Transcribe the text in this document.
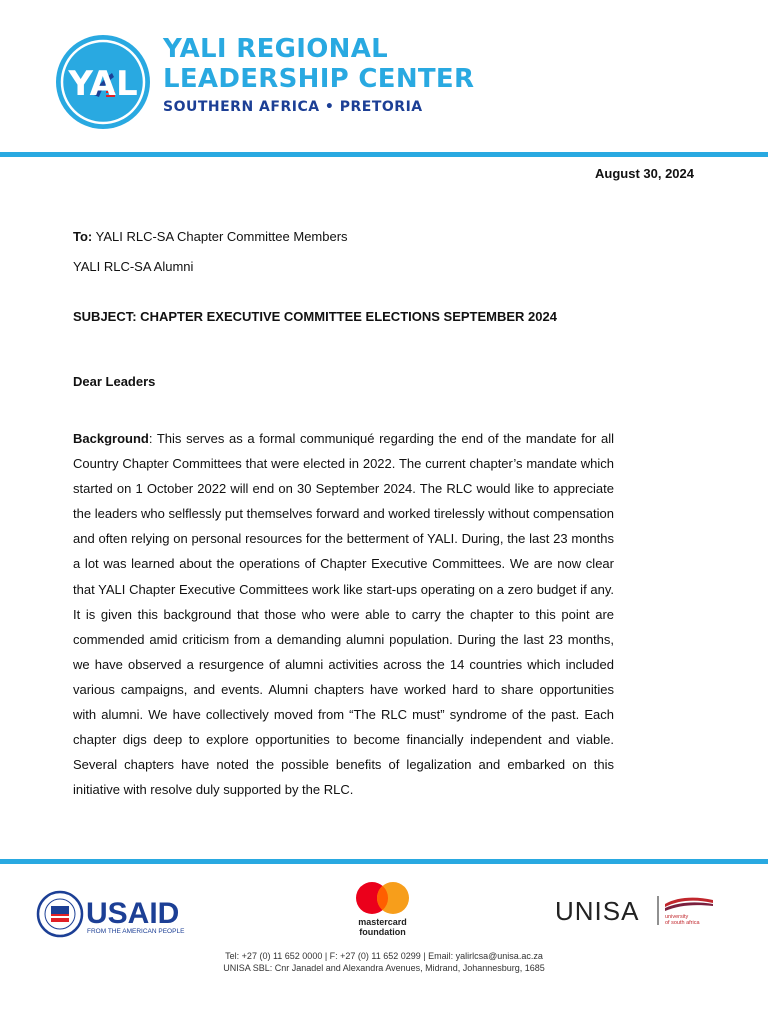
YAL
YALI REGIONAL
LEADERSHIP CENTER
SOUTHERN AFRICA • PRETORIA
August 30, 2024
To: YALI RLC-SA Chapter Committee Members
YALI RLC-SA Alumni
SUBJECT: CHAPTER EXECUTIVE COMMITTEE ELECTIONS SEPTEMBER 2024
Dear Leaders
Background: This serves as a formal communiqué regarding the end of the mandate for all Country Chapter Committees that were elected in 2022. The current chapter’s mandate which started on 1 October 2022 will end on 30 September 2024. The RLC would like to appreciate the leaders who selflessly put themselves forward and worked tirelessly without compensation and often relying on personal resources for the betterment of YALI. During, the last 23 months a lot was learned about the operations of Chapter Executive Committees. We are now clear that YALI Chapter Executive Committees work like start-ups operating on a zero budget if any. It is given this background that those who were able to carry the chapter to this point are commended amid criticism from a demanding alumni population. During the last 23 months, we have observed a resurgence of alumni activities across the 14 countries which included various campaigns, and events. Alumni chapters have worked hard to share opportunities with alumni. We have collectively moved from “The RLC must” syndrome of the past. Each chapter digs deep to explore opportunities to become financially independent and viable. Several chapters have noted the possible benefits of legalization and embarked on this initiative with resolve duly supported by the RLC.
USAID
FROM THE AMERICAN PEOPLE
mastercard
foundation
UNISA	university
of south africa
Tel: +27 (0) 11 652 0000 | F: +27 (0) 11 652 0299 | Email: yalirlcsa@unisa.ac.za
UNISA SBL: Cnr Janadel and Alexandra Avenues, Midrand, Johannesburg, 1685
